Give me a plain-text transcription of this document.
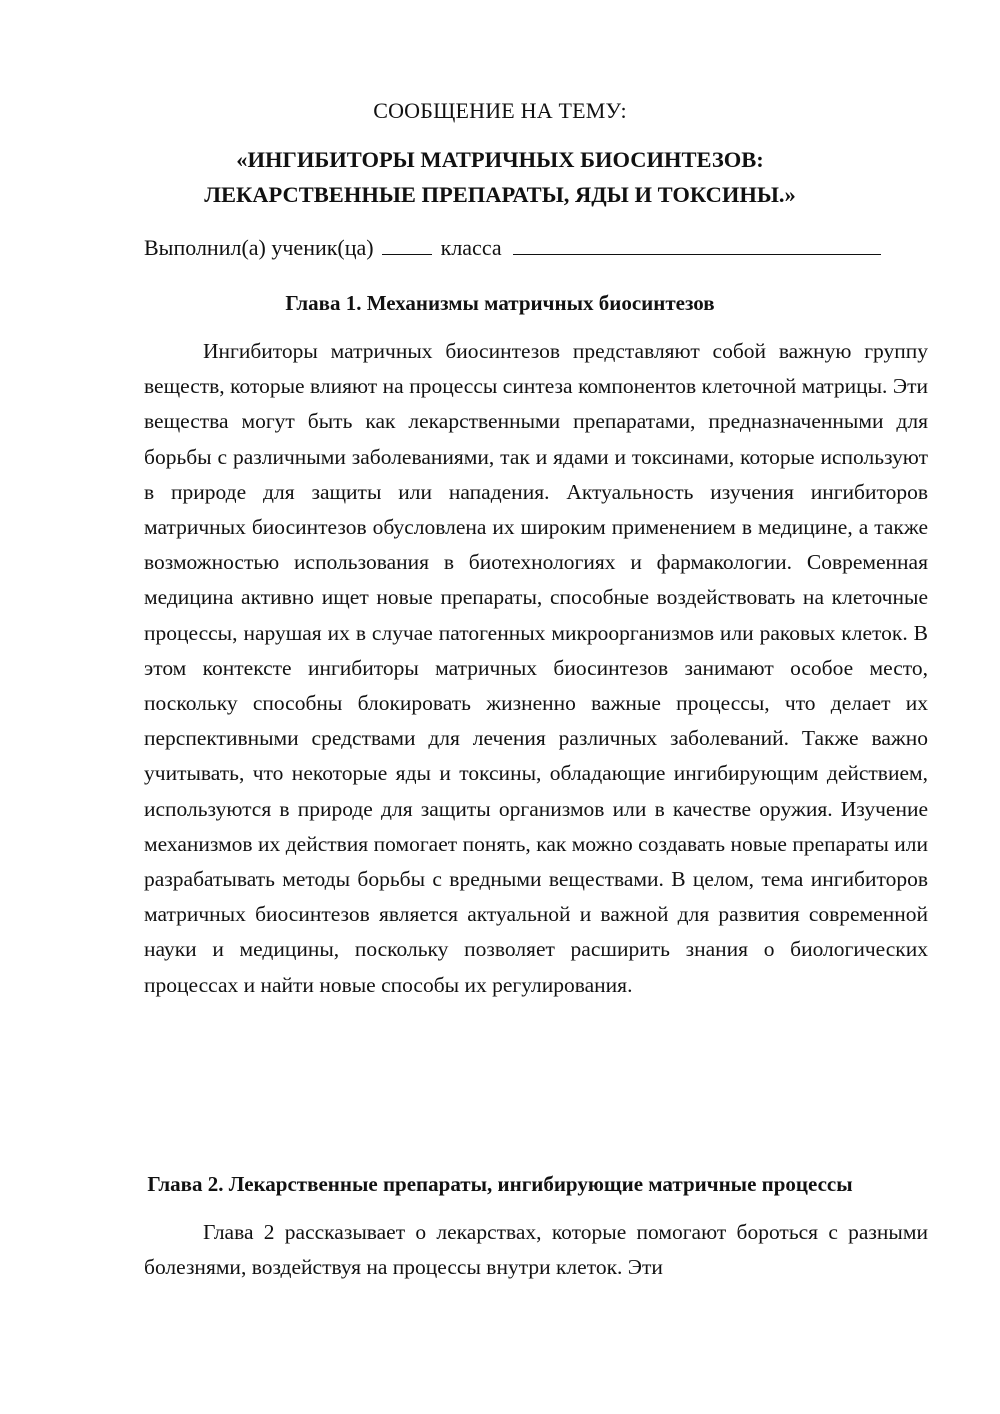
СООБЩЕНИЕ НА ТЕМУ:
«ИНГИБИТОРЫ МАТРИЧНЫХ БИОСИНТЕЗОВ:
ЛЕКАРСТВЕННЫЕ ПРЕПАРАТЫ, ЯДЫ И ТОКСИНЫ.»
Выполнил(а) ученик(ца)	класса
Глава 1. Механизмы матричных биосинтезов

Ингибиторы матричных биосинтезов представляют собой важную группу веществ, которые влияют на процессы синтеза компонентов клеточной матрицы. Эти вещества могут быть как лекарственными препаратами, предназначенными для борьбы с различными заболеваниями, так и ядами и токсинами, которые используют в природе для защиты или нападения. Актуальность изучения ингибиторов матричных биосинтезов обусловлена их широким применением в медицине, а также возможностью использования в биотехнологиях и фармакологии. Современная медицина активно ищет новые препараты, способные воздействовать на клеточные процессы, нарушая их в случае патогенных микроорганизмов или раковых клеток. В этом контексте ингибиторы матричных биосинтезов занимают особое место, поскольку способны блокировать жизненно важные процессы, что делает их перспективными средствами для лечения различных заболеваний. Также важно учитывать, что некоторые яды и токсины, обладающие ингибирующим действием, используются в природе для защиты организмов или в качестве оружия. Изучение механизмов их действия помогает понять, как можно создавать новые препараты или разрабатывать методы борьбы с вредными веществами. В целом, тема ингибиторов матричных биосинтезов является актуальной и важной для развития современной науки и медицины, поскольку позволяет расширить знания о биологических процессах и найти новые способы их регулирования.

Глава 2. Лекарственные препараты, ингибирующие матричные процессы

Глава 2 рассказывает о лекарствах, которые помогают бороться с разными болезнями, воздействуя на процессы внутри клеток. Эти
